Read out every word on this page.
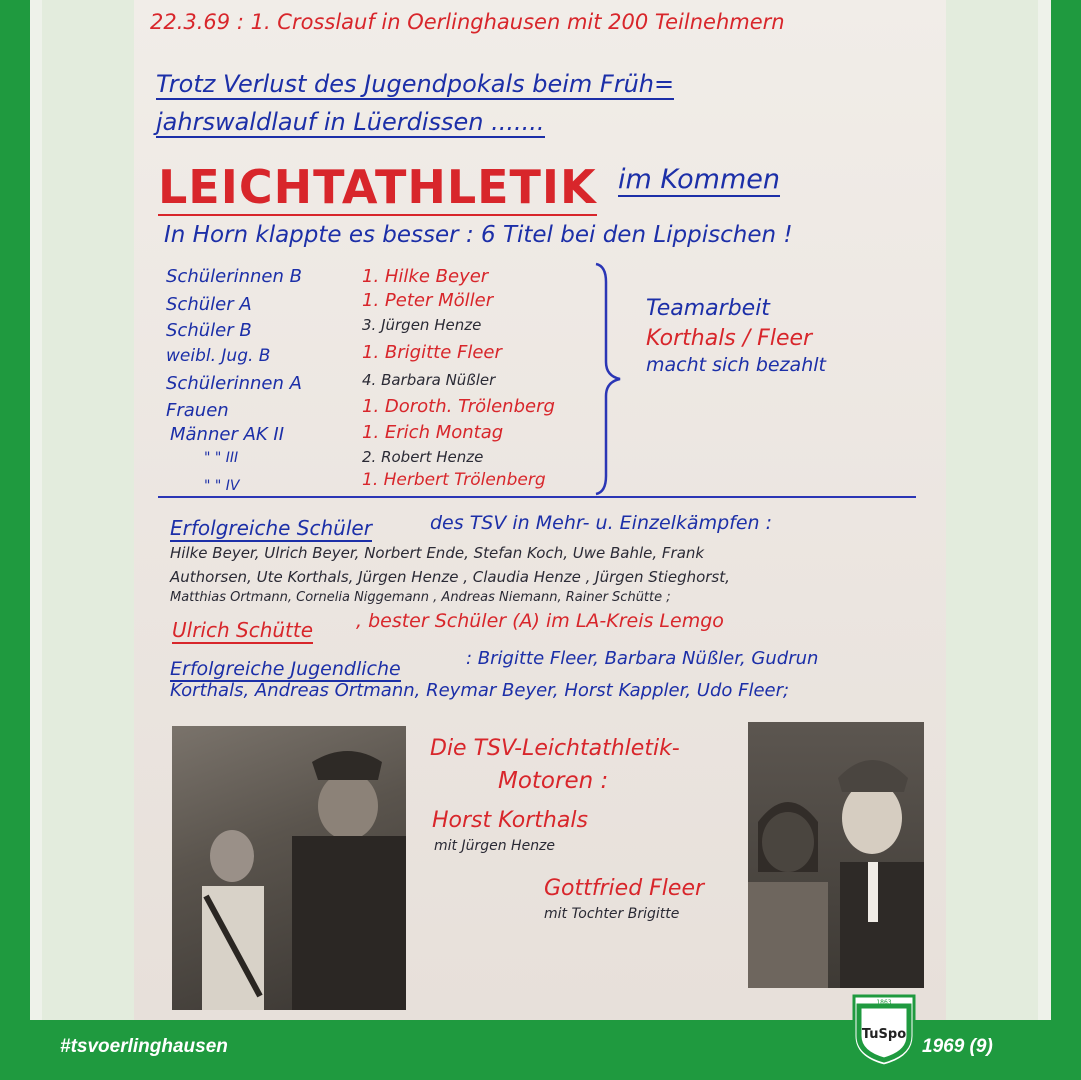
22.3.69 : 1. Crosslauf in Oerlinghausen mit 200 Teilnehmern
Trotz Verlust des Jugendpokals beim Früh=
jahrswaldlauf in Lüerdissen .......
LEICHTATHLETIK im Kommen
In Horn klappte es besser : 6 Titel bei den Lippischen !
Schülerinnen B	1. Hilke Beyer
Schüler A	1. Peter Möller
Schüler B	3. Jürgen Henze
weibl. Jug. B	1. Brigitte Fleer
Schülerinnen A	4. Barbara Nüßler
Frauen	1. Doroth. Trölenberg
Männer AK II	1. Erich Montag
" " III	2. Robert Henze
" " IV	1. Herbert Trölenberg
Teamarbeit
Korthals / Fleer
macht sich bezahlt
Erfolgreiche Schüler	des TSV in Mehr- u. Einzelkämpfen :
Hilke Beyer, Ulrich Beyer, Norbert Ende, Stefan Koch, Uwe Bahle, Frank
Authorsen, Ute Korthals, Jürgen Henze , Claudia Henze , Jürgen Stieghorst,
Matthias Ortmann, Cornelia Niggemann , Andreas Niemann, Rainer Schütte ;
Ulrich Schütte , bester Schüler (A) im LA-Kreis Lemgo
Erfolgreiche Jugendliche	: Brigitte Fleer, Barbara Nüßler, Gudrun
Korthals, Andreas Ortmann, Reymar Beyer, Horst Kappler, Udo Fleer;
Die TSV-Leichtathletik-
Motoren :
Horst Korthals
mit Jürgen Henze
Gottfried Fleer
mit Tochter Brigitte
#tsvoerlinghausen	1969 (9)
1863
TuSpo
